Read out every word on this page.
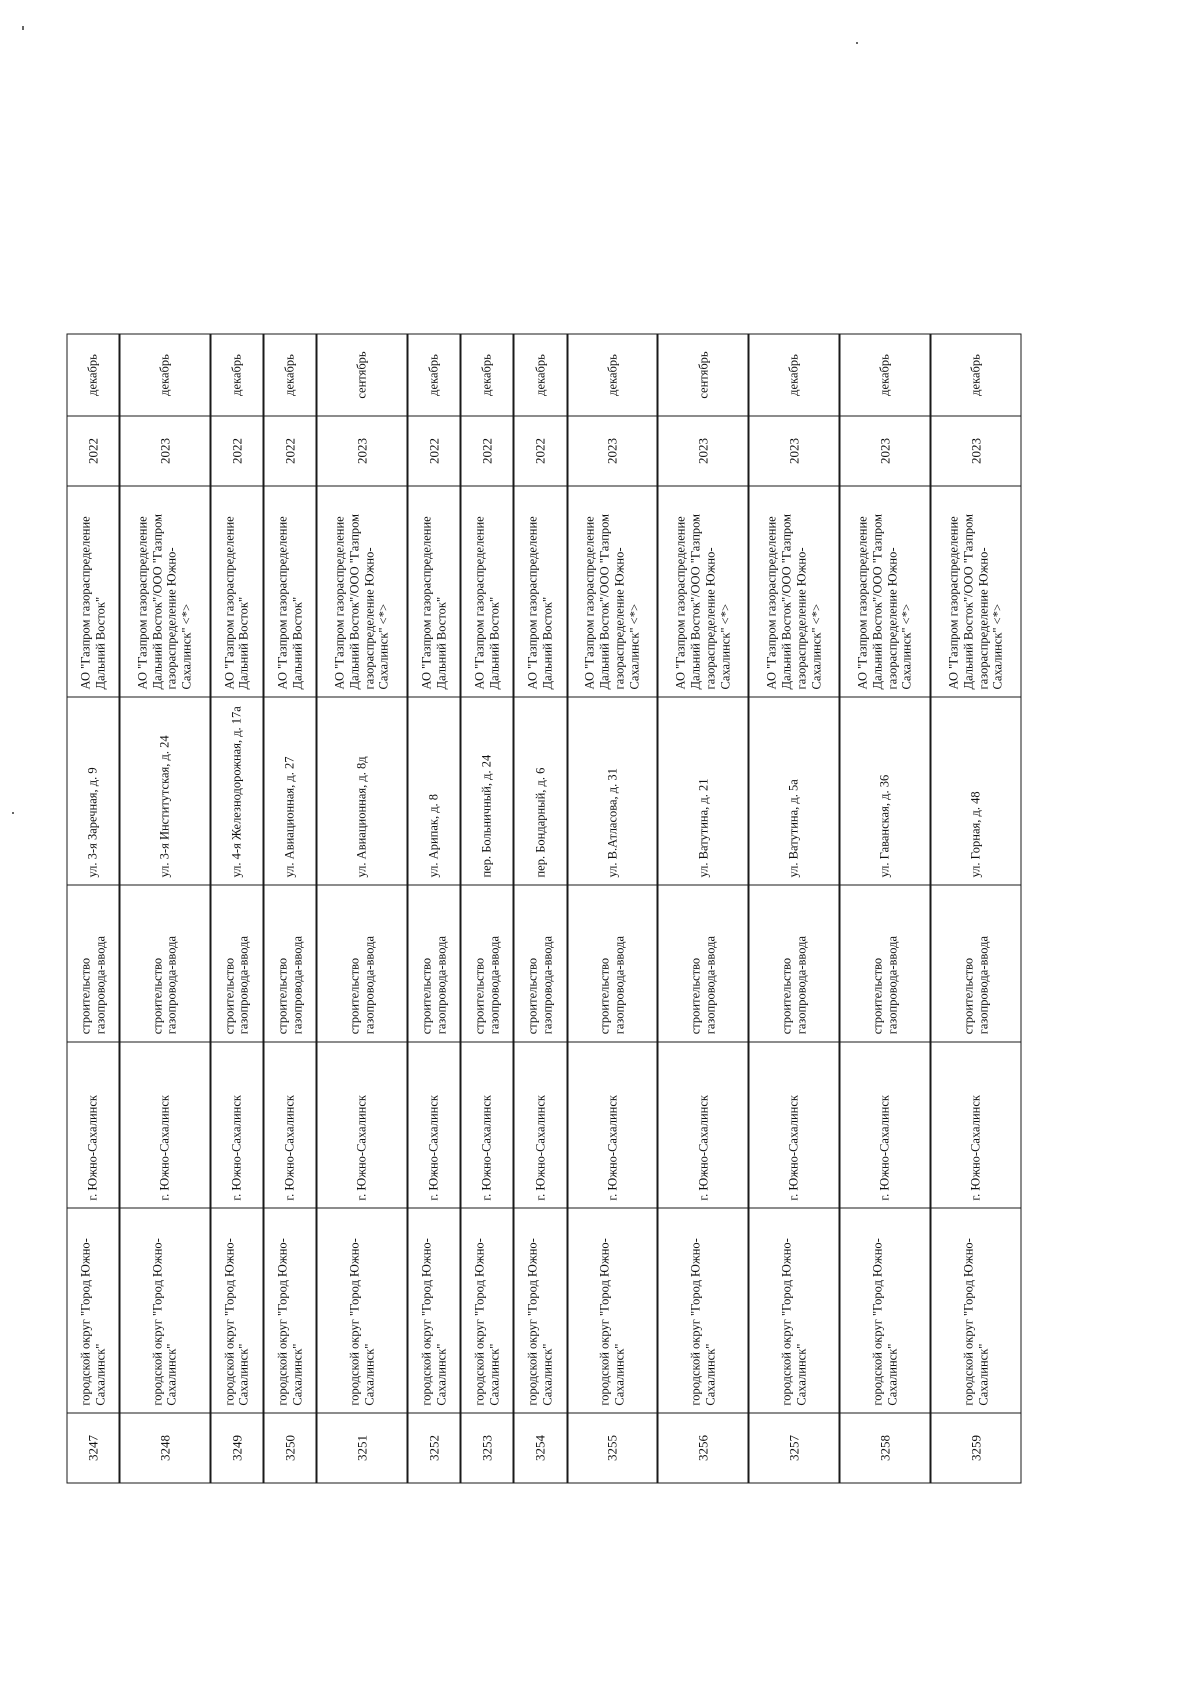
3247	городской округ "Город Южно-Сахалинск"	г. Южно-Сахалинск	строительство газопровода-ввода	ул. 3-я Заречная, д. 9	АО "Газпром газораспределение Дальний Восток"	2022	декабрь
3248	городской округ "Город Южно-Сахалинск"	г. Южно-Сахалинск	строительство газопровода-ввода	ул. 3-я Институтская, д. 24	АО "Газпром газораспределение Дальний Восток"/ООО "Газпром газораспределение Южно-Сахалинск" <*>	2023	декабрь
3249	городской округ "Город Южно-Сахалинск"	г. Южно-Сахалинск	строительство газопровода-ввода	ул. 4-я Железнодорожная, д. 17а	АО "Газпром газораспределение Дальний Восток"	2022	декабрь
3250	городской округ "Город Южно-Сахалинск"	г. Южно-Сахалинск	строительство газопровода-ввода	ул. Авиационная, д. 27	АО "Газпром газораспределение Дальний Восток"	2022	декабрь
3251	городской округ "Город Южно-Сахалинск"	г. Южно-Сахалинск	строительство газопровода-ввода	ул. Авиационная, д. 8д	АО "Газпром газораспределение Дальний Восток"/ООО "Газпром газораспределение Южно-Сахалинск" <*>	2023	сентябрь
3252	городской округ "Город Южно-Сахалинск"	г. Южно-Сахалинск	строительство газопровода-ввода	ул. Арипак, д. 8	АО "Газпром газораспределение Дальний Восток"	2022	декабрь
3253	городской округ "Город Южно-Сахалинск"	г. Южно-Сахалинск	строительство газопровода-ввода	пер. Больничный, д. 24	АО "Газпром газораспределение Дальний Восток"	2022	декабрь
3254	городской округ "Город Южно-Сахалинск"	г. Южно-Сахалинск	строительство газопровода-ввода	пер. Бондарный, д. 6	АО "Газпром газораспределение Дальний Восток"	2022	декабрь
3255	городской округ "Город Южно-Сахалинск"	г. Южно-Сахалинск	строительство газопровода-ввода	ул. В.Атласова, д. 31	АО "Газпром газораспределение Дальний Восток"/ООО "Газпром газораспределение Южно-Сахалинск" <*>	2023	декабрь
3256	городской округ "Город Южно-Сахалинск"	г. Южно-Сахалинск	строительство газопровода-ввода	ул. Ватутина, д. 21	АО "Газпром газораспределение Дальний Восток"/ООО "Газпром газораспределение Южно-Сахалинск" <*>	2023	сентябрь
3257	городской округ "Город Южно-Сахалинск"	г. Южно-Сахалинск	строительство газопровода-ввода	ул. Ватутина, д. 5а	АО "Газпром газораспределение Дальний Восток"/ООО "Газпром газораспределение Южно-Сахалинск" <*>	2023	декабрь
3258	городской округ "Город Южно-Сахалинск"	г. Южно-Сахалинск	строительство газопровода-ввода	ул. Гаванская, д. 36	АО "Газпром газораспределение Дальний Восток"/ООО "Газпром газораспределение Южно-Сахалинск" <*>	2023	декабрь
3259	городской округ "Город Южно-Сахалинск"	г. Южно-Сахалинск	строительство газопровода-ввода	ул. Горная, д. 48	АО "Газпром газораспределение Дальний Восток"/ООО "Газпром газораспределение Южно-Сахалинск" <*>	2023	декабрь
